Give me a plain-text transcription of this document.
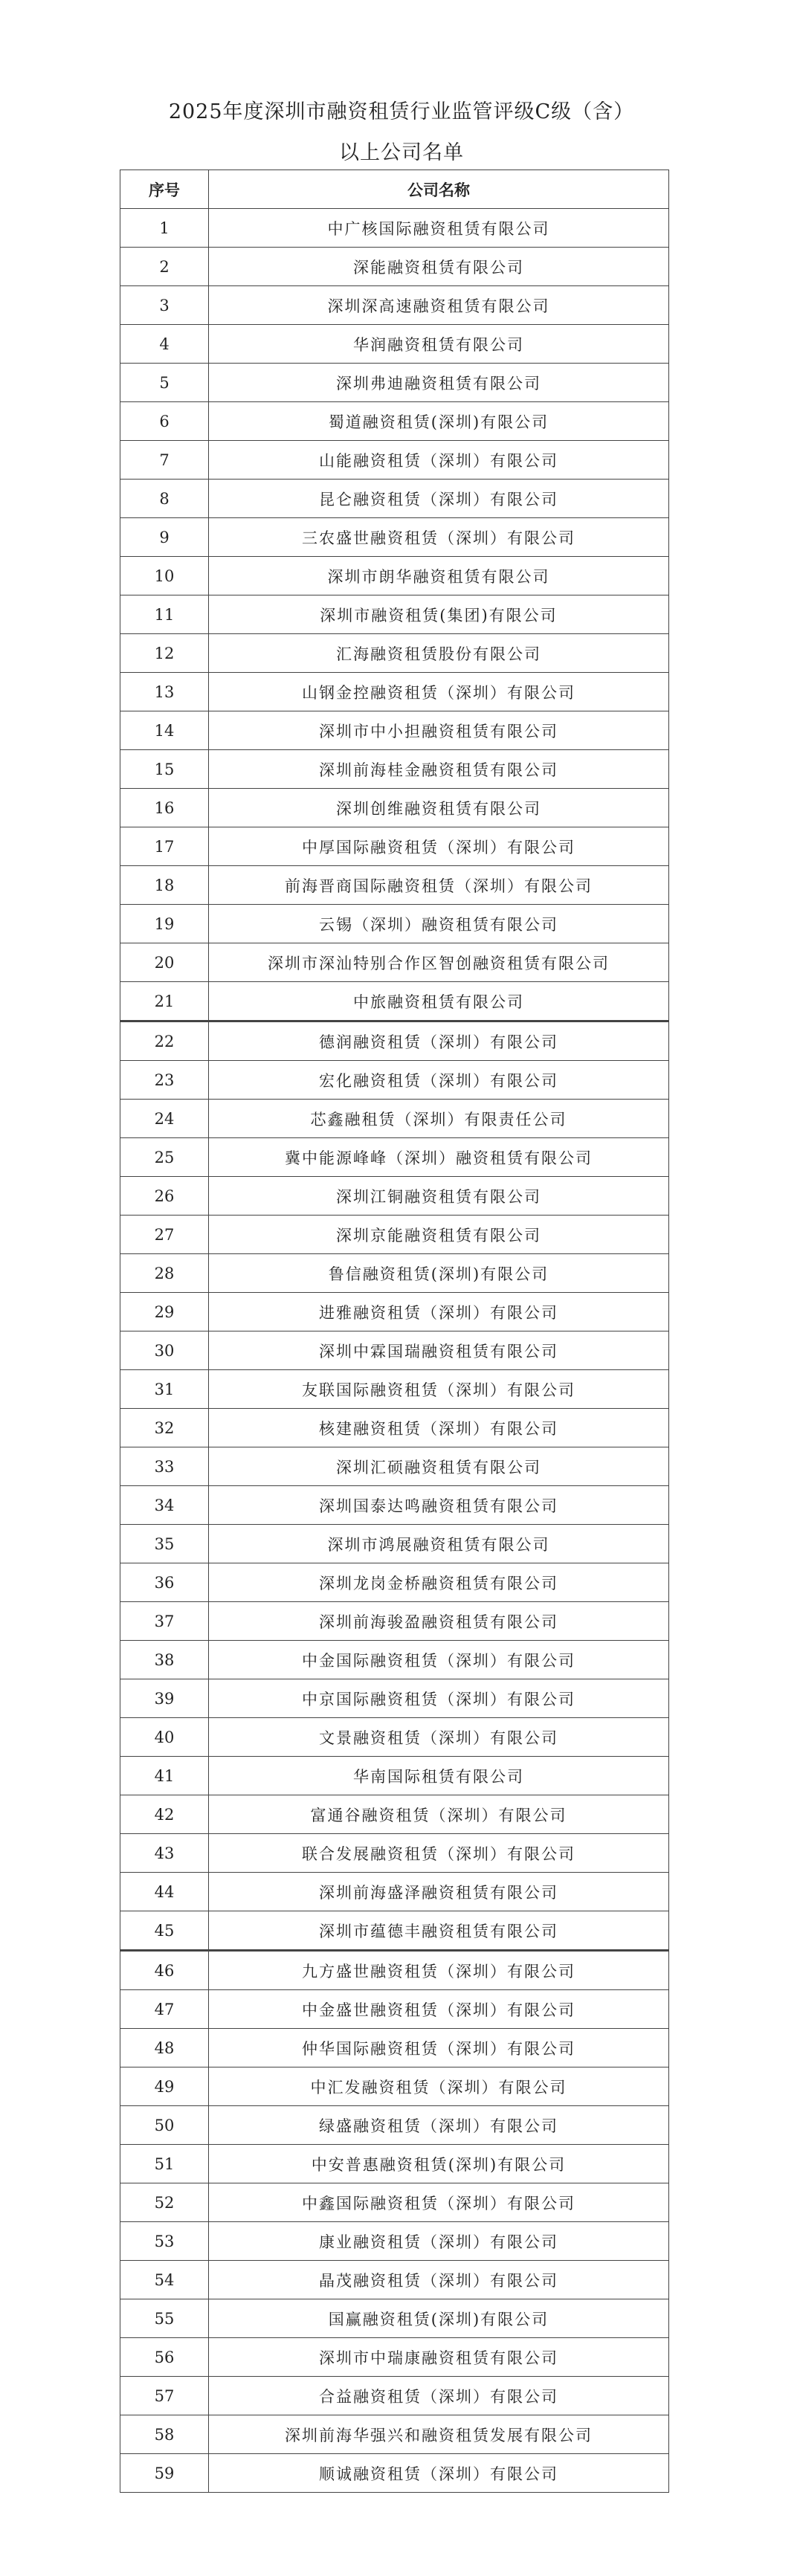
2025年度深圳市融资租赁行业监管评级C级（含）
以上公司名单
序号	公司名称
1	中广核国际融资租赁有限公司
2	深能融资租赁有限公司
3	深圳深高速融资租赁有限公司
4	华润融资租赁有限公司
5	深圳弗迪融资租赁有限公司
6	蜀道融资租赁(深圳)有限公司
7	山能融资租赁（深圳）有限公司
8	昆仑融资租赁（深圳）有限公司
9	三农盛世融资租赁（深圳）有限公司
10	深圳市朗华融资租赁有限公司
11	深圳市融资租赁(集团)有限公司
12	汇海融资租赁股份有限公司
13	山钢金控融资租赁（深圳）有限公司
14	深圳市中小担融资租赁有限公司
15	深圳前海桂金融资租赁有限公司
16	深圳创维融资租赁有限公司
17	中厚国际融资租赁（深圳）有限公司
18	前海晋商国际融资租赁（深圳）有限公司
19	云锡（深圳）融资租赁有限公司
20	深圳市深汕特别合作区智创融资租赁有限公司
21	中旅融资租赁有限公司
22	德润融资租赁（深圳）有限公司
23	宏化融资租赁（深圳）有限公司
24	芯鑫融租赁（深圳）有限责任公司
25	冀中能源峰峰（深圳）融资租赁有限公司
26	深圳江铜融资租赁有限公司
27	深圳京能融资租赁有限公司
28	鲁信融资租赁(深圳)有限公司
29	进雅融资租赁（深圳）有限公司
30	深圳中霖国瑞融资租赁有限公司
31	友联国际融资租赁（深圳）有限公司
32	核建融资租赁（深圳）有限公司
33	深圳汇硕融资租赁有限公司
34	深圳国泰达鸣融资租赁有限公司
35	深圳市鸿展融资租赁有限公司
36	深圳龙岗金桥融资租赁有限公司
37	深圳前海骏盈融资租赁有限公司
38	中金国际融资租赁（深圳）有限公司
39	中京国际融资租赁（深圳）有限公司
40	文景融资租赁（深圳）有限公司
41	华南国际租赁有限公司
42	富通谷融资租赁（深圳）有限公司
43	联合发展融资租赁（深圳）有限公司
44	深圳前海盛泽融资租赁有限公司
45	深圳市蕴德丰融资租赁有限公司
46	九方盛世融资租赁（深圳）有限公司
47	中金盛世融资租赁（深圳）有限公司
48	仲华国际融资租赁（深圳）有限公司
49	中汇发融资租赁（深圳）有限公司
50	绿盛融资租赁（深圳）有限公司
51	中安普惠融资租赁(深圳)有限公司
52	中鑫国际融资租赁（深圳）有限公司
53	康业融资租赁（深圳）有限公司
54	晶茂融资租赁（深圳）有限公司
55	国赢融资租赁(深圳)有限公司
56	深圳市中瑞康融资租赁有限公司
57	合益融资租赁（深圳）有限公司
58	深圳前海华强兴和融资租赁发展有限公司
59	顺诚融资租赁（深圳）有限公司
